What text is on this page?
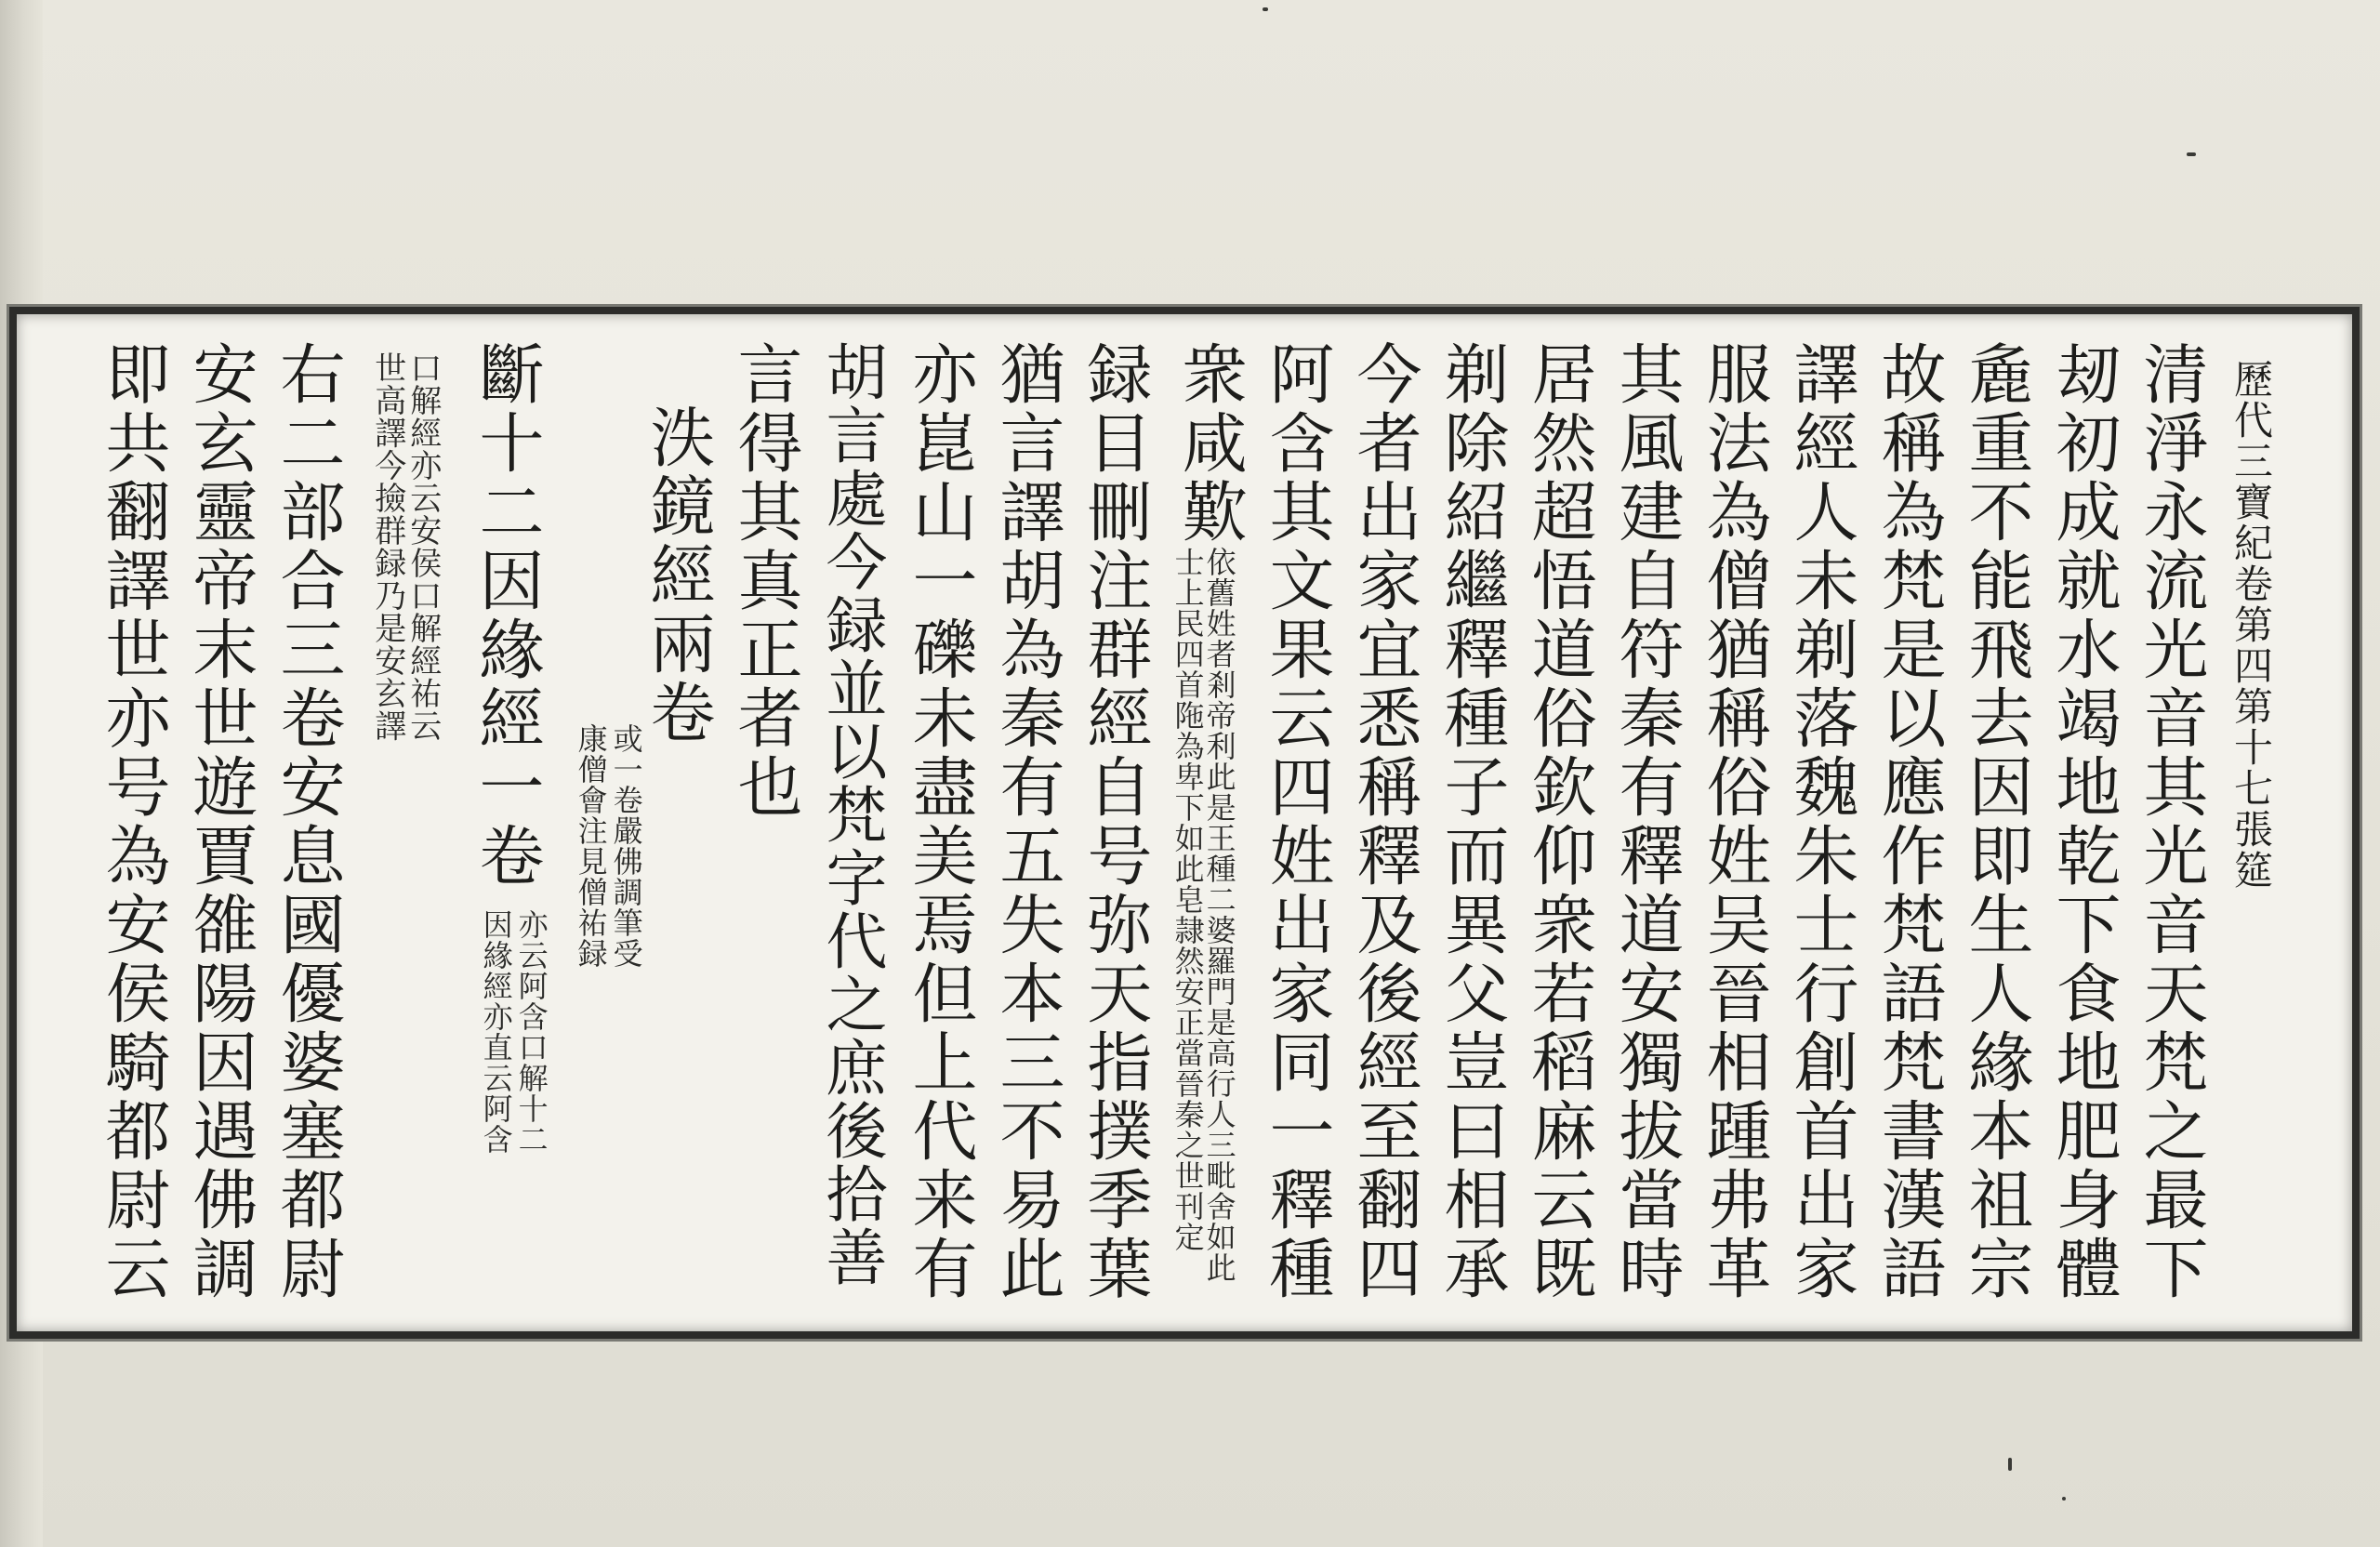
歷代三寶紀卷第四第十七張筵
清淨永流光音其光音天梵之最下
刼初成就水竭地乾下食地肥身體
麁重不能飛去因即生人緣本祖宗
故稱為梵是以應作梵語梵書漢語
譯經人未剃落魏朱士行創首出家
服法為僧猶稱俗姓吴晉相踵弗革
其風建自符秦有釋道安獨拔當時
居然超悟道俗欽仰衆若稻麻云既
剃除紹繼釋種子而異父豈曰相承
今者出家宜悉稱釋及後經至翻四
阿含其文果云四姓出家同一釋種
衆咸歎
依舊姓者剎帝利此是王種二婆羅門是高行人三毗舍如此
士上民四首陁為卑下如此皂隷然安正當晉秦之世刊定
録目刪注群經自号弥天指撲季葉
猶言譯胡為秦有五失本三不易此
亦崑山一礫未盡美焉但上代来有
胡言處今録並以梵字代之庶後拾善
言得其真正者也
泆鏡經兩卷
或一卷嚴佛調筆受
康僧會注見僧祐録
斷十二因緣經一卷
亦云阿含口解十二
因緣經亦直云阿含
口解經亦云安侯口解經祐云
世高譯今撿群録乃是安玄譯
右二部合三卷安息國優婆塞都尉
安玄靈帝末世遊賈雒陽因遇佛調
即共翻譯世亦号為安侯騎都尉云
